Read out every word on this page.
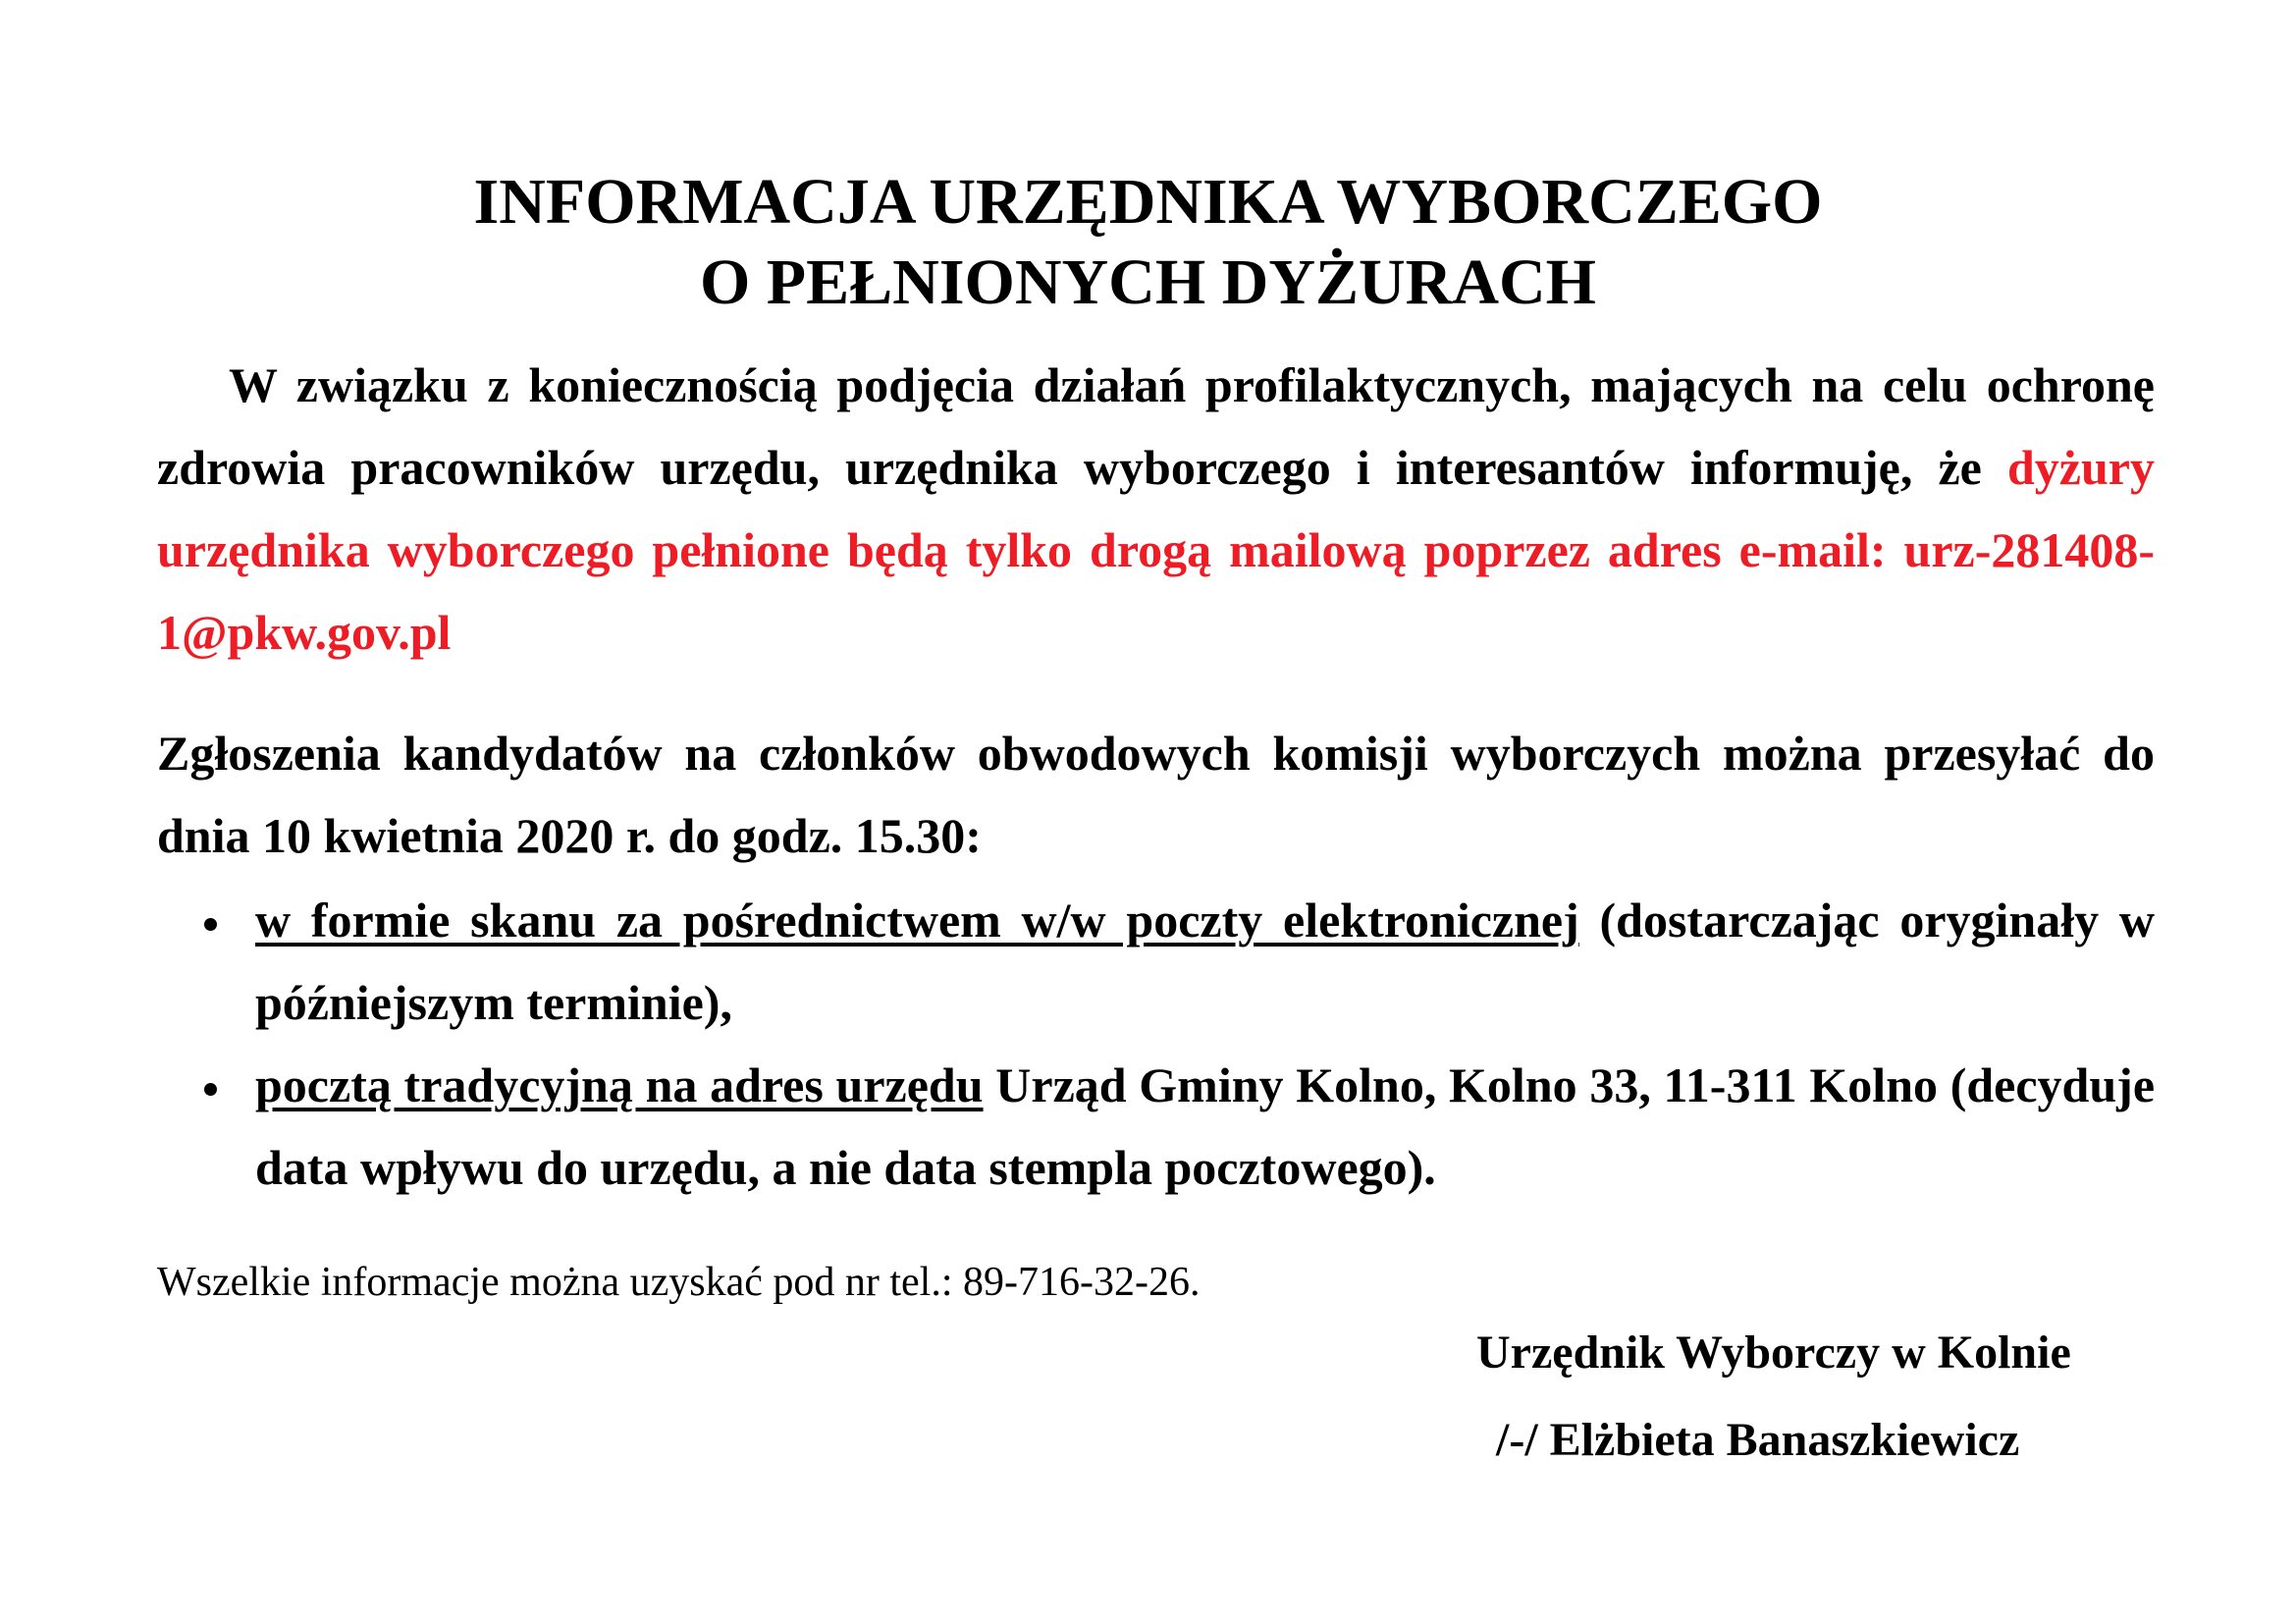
INFORMACJA URZĘDNIKA WYBORCZEGO
O PEŁNIONYCH DYŻURACH

W związku z koniecznością podjęcia działań profilaktycznych, mających na celu ochronę zdrowia pracowników urzędu, urzędnika wyborczego i interesantów informuję, że dyżury urzędnika wyborczego pełnione będą tylko drogą mailową poprzez adres e-mail: urz-281408-1@pkw.gov.pl

Zgłoszenia kandydatów na członków obwodowych komisji wyborczych można przesyłać do dnia 10 kwietnia 2020 r. do godz. 15.30:

w formie skanu za pośrednictwem w/w poczty elektronicznej (dostarczając oryginały w późniejszym terminie),
pocztą tradycyjną na adres urzędu Urząd Gminy Kolno, Kolno 33, 11-311 Kolno (decyduje data wpływu do urzędu, a nie data stempla pocztowego).

Wszelkie informacje można uzyskać pod nr tel.: 89-716-32-26.

Urzędnik Wyborczy w Kolnie

/-/ Elżbieta Banaszkiewicz
